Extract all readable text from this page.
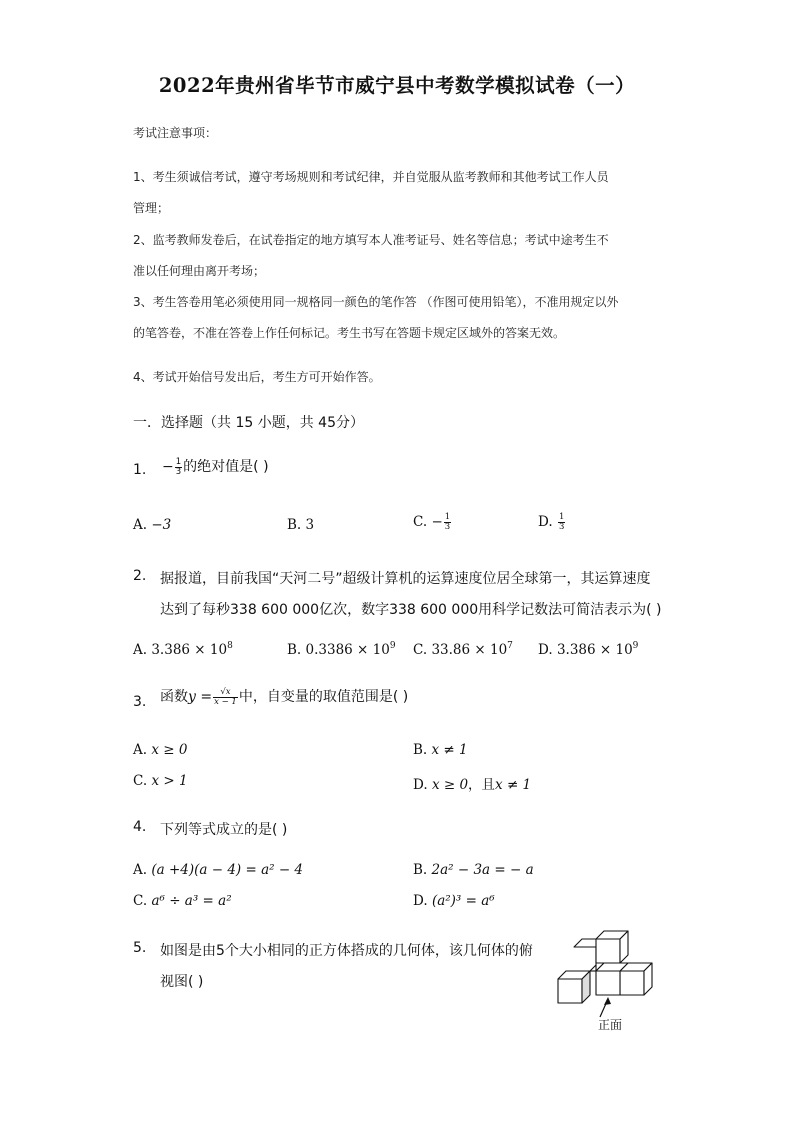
2022年贵州省毕节市威宁县中考数学模拟试卷（一）
考试注意事项：
1、考生须诚信考试，遵守考场规则和考试纪律，并自觉服从监考教师和其他考试工作人员
管理；
2、监考教师发卷后，在试卷指定的地方填写本人准考证号、姓名等信息；考试中途考生不
准以任何理由离开考场；
3、考生答卷用笔必须使用同一规格同一颜色的笔作答 （作图可使用铅笔），不准用规定以外
的笔答卷，不准在答卷上作任何标记。考生书写在答题卡规定区域外的答案无效。
4、考试开始信号发出后，考生方可开始作答。
一．选择题（共 15 小题，共 45分）
1. − $\frac{1}{3}$ 的绝对值是( )
A. −3	B. 3	C. − $\frac{1}{3}$	D. $\frac{1}{3}$
2. 据报道，目前我国“天河二号”超级计算机的运算速度位居全球第一，其运算速度
达到了每秒338 600 000亿次，数字338 600 000用科学记数法可简洁表示为( )
A. $3.386 \times 10^8$	B. $0.3386 \times 10^9$ C. $33.86 \times 10^7$ D. $3.386 \times 10^9$
3. 函数$y = \frac{√x}{x - 1}$ 中，自变量的取值范围是( )
A. x ≥ 0	B. x ≠ 1
C. x > 1	D. x ≥ 0，且x ≠ 1
4. 下列等式成立的是( )
A. (a +4)(a − 4) = a² − 4	B. 2a² − 3a = − a
C. a⁶ ÷ a³ = a²	D. (a²)³ = a⁶
5. 如图是由5个大小相同的正方体搭成的几何体，该几何体的俯
视图( )
正面
